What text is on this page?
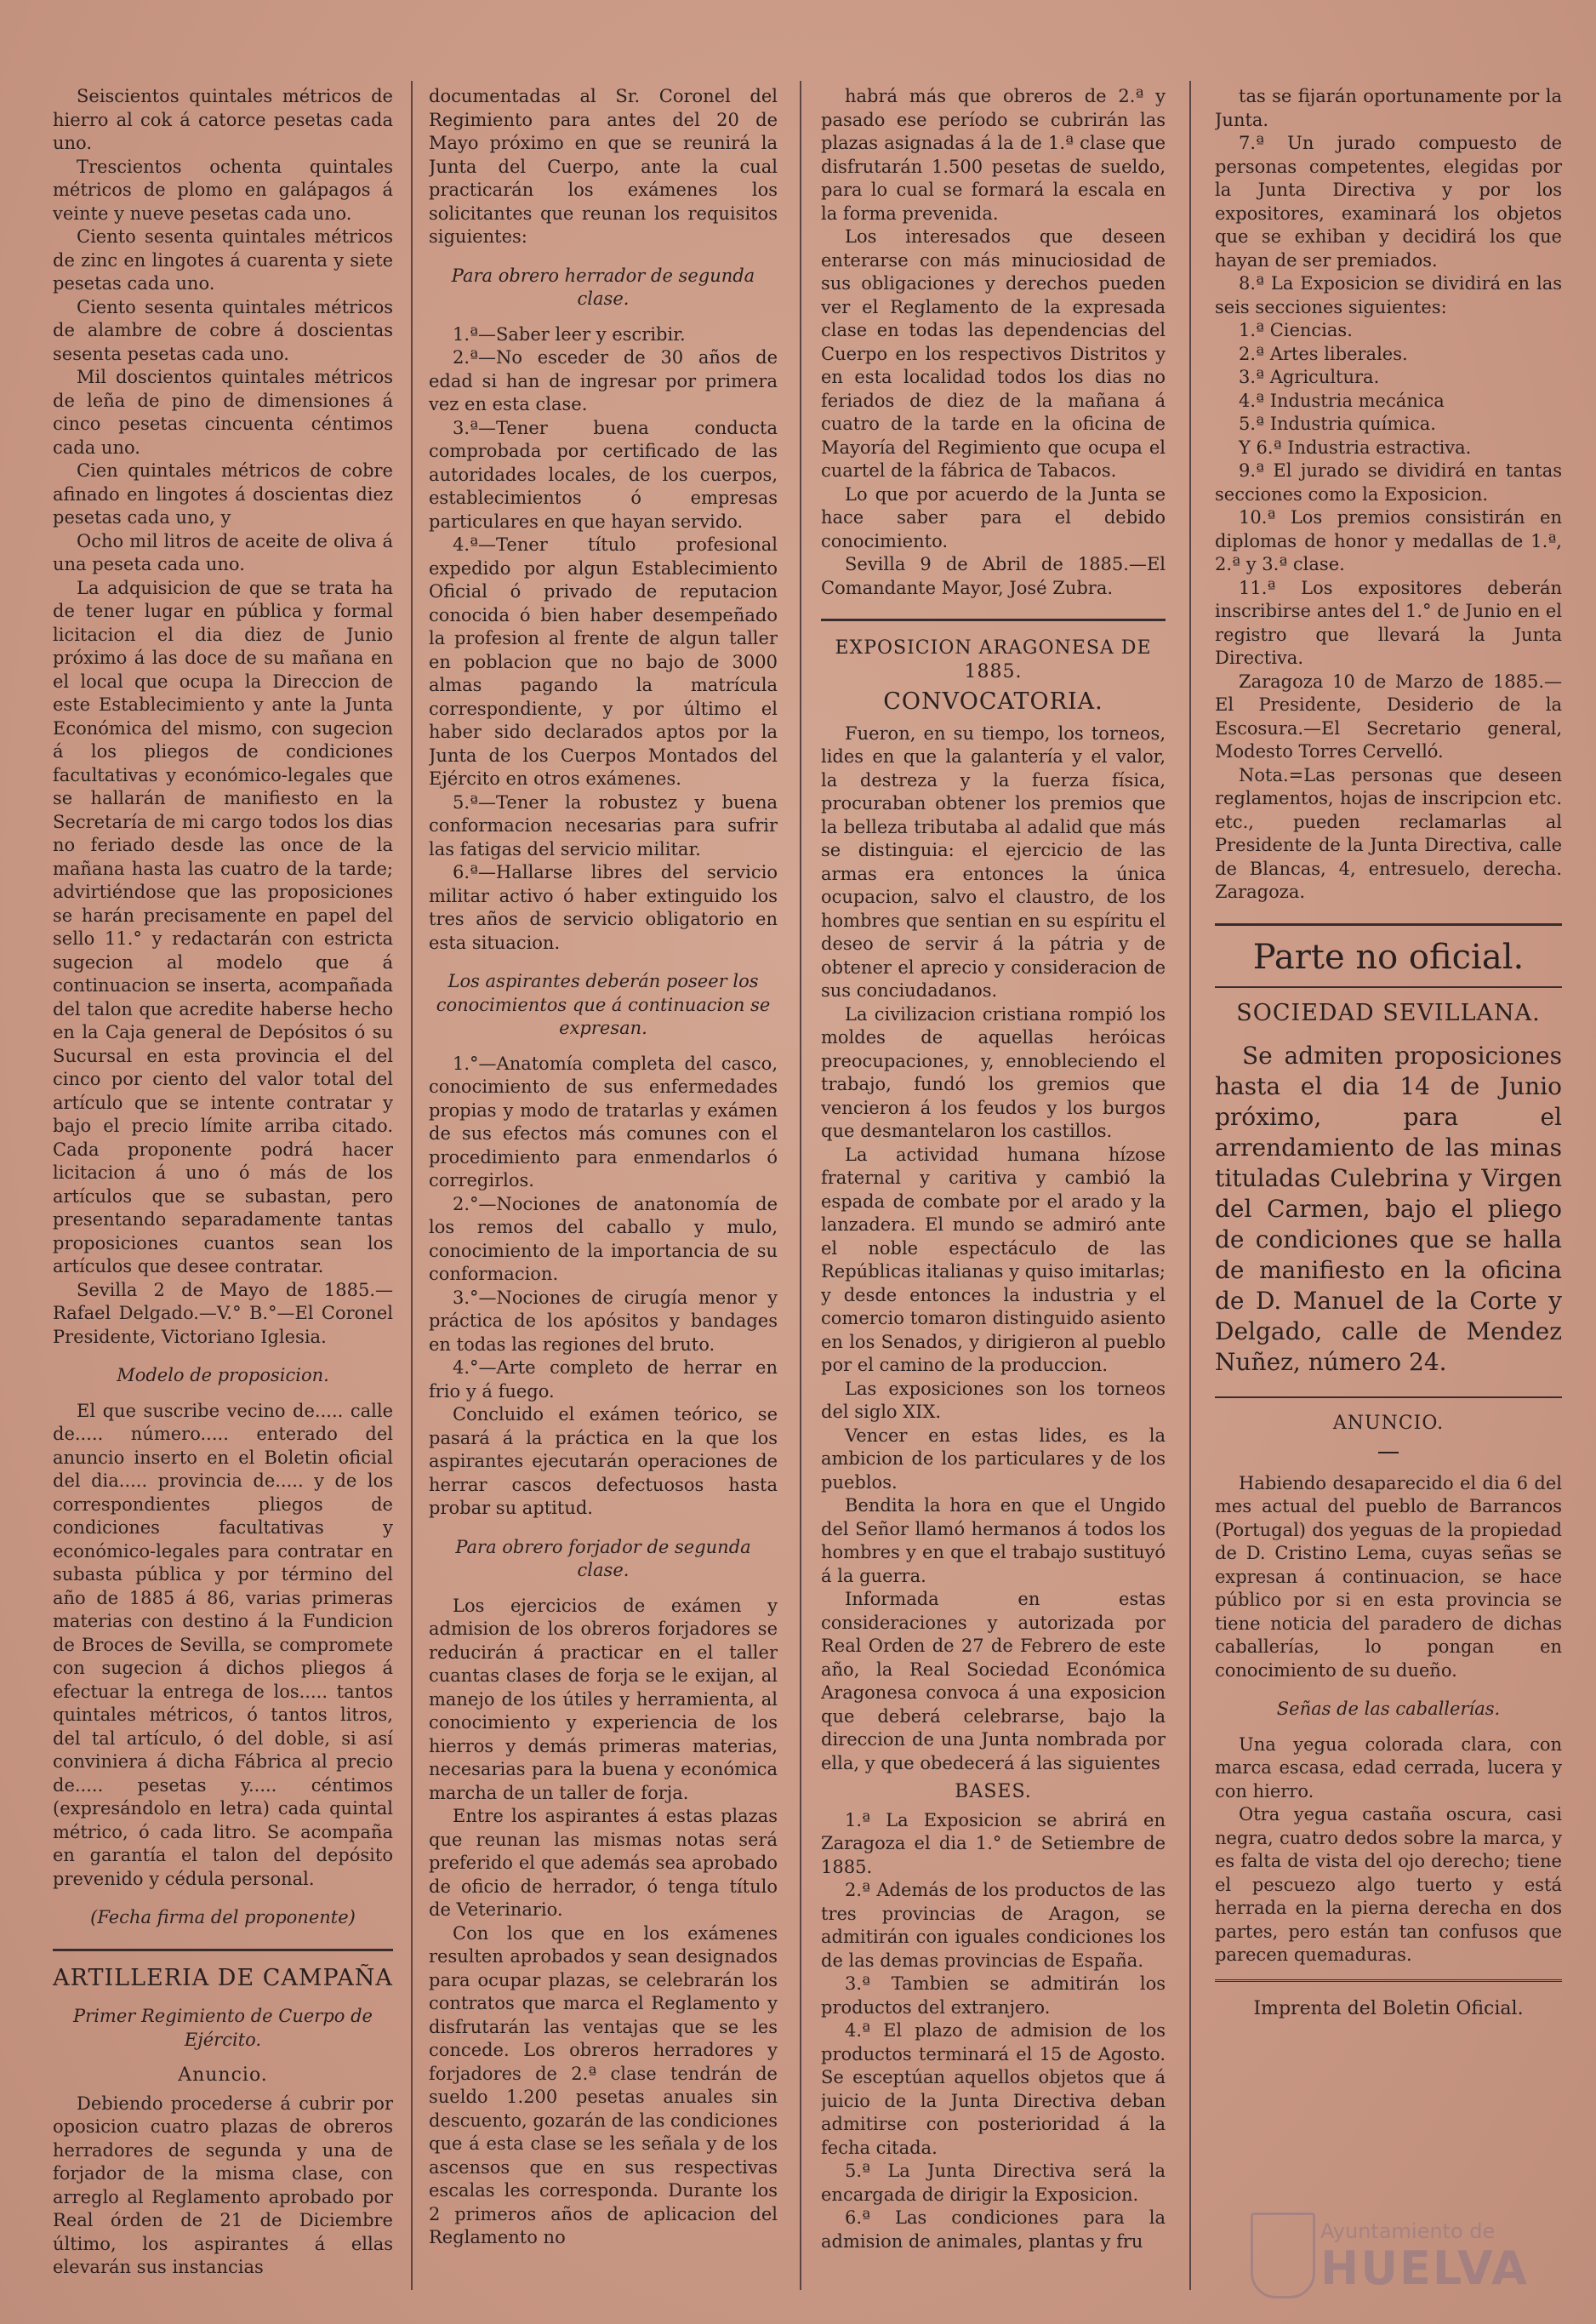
Seiscientos quintales métricos de hierro al cok á catorce pesetas cada uno.

Trescientos ochenta quintales métricos de plomo en galápagos á veinte y nueve pesetas cada uno.

Ciento sesenta quintales métricos de zinc en lingotes á cuarenta y siete pesetas cada uno.

Ciento sesenta quintales métricos de alambre de cobre á doscientas sesenta pesetas cada uno.

Mil doscientos quintales métricos de leña de pino de dimensiones á cinco pesetas cincuenta céntimos cada uno.

Cien quintales métricos de cobre afinado en lingotes á doscientas diez pesetas cada uno, y

Ocho mil litros de aceite de oliva á una peseta cada uno.

La adquisicion de que se trata ha de tener lugar en pública y formal licitacion el dia diez de Junio próximo á las doce de su mañana en el local que ocupa la Direccion de este Establecimiento y ante la Junta Económica del mismo, con sugecion á los pliegos de condiciones facultativas y económico-legales que se hallarán de manifiesto en la Secretaría de mi cargo todos los dias no feriado desde las once de la mañana hasta las cuatro de la tarde; advirtiéndose que las proposiciones se harán precisamente en papel del sello 11.° y redactarán con estricta sugecion al modelo que á continuacion se inserta, acompañada del talon que acredite haberse hecho en la Caja general de Depósitos ó su Sucursal en esta provincia el del cinco por ciento del valor total del artículo que se intente contratar y bajo el precio límite arriba citado. Cada proponente podrá hacer licitacion á uno ó más de los artículos que se subastan, pero presentando separadamente tantas proposiciones cuantos sean los artículos que desee contratar.

Sevilla 2 de Mayo de 1885.—Rafael Delgado.—V.° B.°—El Coronel Presidente, Victoriano Iglesia.

Modelo de proposicion.

El que suscribe vecino de..... calle de..... número..... enterado del anuncio inserto en el Boletin oficial del dia..... provincia de..... y de los correspondientes pliegos de condiciones facultativas y económico-legales para contratar en subasta pública y por término del año de 1885 á 86, varias primeras materias con destino á la Fundicion de Broces de Sevilla, se compromete con sugecion á dichos pliegos á efectuar la entrega de los..... tantos quintales métricos, ó tantos litros, del tal artículo, ó del doble, si así conviniera á dicha Fábrica al precio de..... pesetas y..... céntimos (expresándolo en letra) cada quintal métrico, ó cada litro. Se acompaña en garantía el talon del depósito prevenido y cédula personal.

(Fecha firma del proponente)

ARTILLERIA DE CAMPAÑA

Primer Regimiento de Cuerpo de Ejército.

Anuncio.

Debiendo procederse á cubrir por oposicion cuatro plazas de obreros herradores de segunda y una de forjador de la misma clase, con arreglo al Reglamento aprobado por Real órden de 21 de Diciembre último, los aspirantes á ellas elevarán sus instancias

documentadas al Sr. Coronel del Regimiento para antes del 20 de Mayo próximo en que se reunirá la Junta del Cuerpo, ante la cual practicarán los exámenes los solicitantes que reunan los requisitos siguientes:

Para obrero herrador de segunda clase.

1.ª—Saber leer y escribir.

2.ª—No esceder de 30 años de edad si han de ingresar por primera vez en esta clase.

3.ª—Tener buena conducta comprobada por certificado de las autoridades locales, de los cuerpos, establecimientos ó empresas particulares en que hayan servido.

4.ª—Tener título profesional expedido por algun Establecimiento Oficial ó privado de reputacion conocida ó bien haber desempeñado la profesion al frente de algun taller en poblacion que no bajo de 3000 almas pagando la matrícula correspondiente, y por último el haber sido declarados aptos por la Junta de los Cuerpos Montados del Ejército en otros exámenes.

5.ª—Tener la robustez y buena conformacion necesarias para sufrir las fatigas del servicio militar.

6.ª—Hallarse libres del servicio militar activo ó haber extinguido los tres años de servicio obligatorio en esta situacion.

Los aspirantes deberán poseer los conocimientos que á continuacion se expresan.

1.°—Anatomía completa del casco, conocimiento de sus enfermedades propias y modo de tratarlas y exámen de sus efectos más comunes con el procedimiento para enmendarlos ó corregirlos.

2.°—Nociones de anatonomía de los remos del caballo y mulo, conocimiento de la importancia de su conformacion.

3.°—Nociones de cirugía menor y práctica de los apósitos y bandages en todas las regiones del bruto.

4.°—Arte completo de herrar en frio y á fuego.

Concluido el exámen teórico, se pasará á la práctica en la que los aspirantes ejecutarán operaciones de herrar cascos defectuosos hasta probar su aptitud.

Para obrero forjador de segunda clase.

Los ejercicios de exámen y admision de los obreros forjadores se reducirán á practicar en el taller cuantas clases de forja se le exijan, al manejo de los útiles y herramienta, al conocimiento y experiencia de los hierros y demás primeras materias, necesarias para la buena y económica marcha de un taller de forja.

Entre los aspirantes á estas plazas que reunan las mismas notas será preferido el que además sea aprobado de oficio de herrador, ó tenga título de Veterinario.

Con los que en los exámenes resulten aprobados y sean designados para ocupar plazas, se celebrarán los contratos que marca el Reglamento y disfrutarán las ventajas que se les concede. Los obreros herradores y forjadores de 2.ª clase tendrán de sueldo 1.200 pesetas anuales sin descuento, gozarán de las condiciones que á esta clase se les señala y de los ascensos que en sus respectivas escalas les corresponda. Durante los 2 primeros años de aplicacion del Reglamento no

habrá más que obreros de 2.ª y pasado ese período se cubrirán las plazas asignadas á la de 1.ª clase que disfrutarán 1.500 pesetas de sueldo, para lo cual se formará la escala en la forma prevenida.

Los interesados que deseen enterarse con más minuciosidad de sus obligaciones y derechos pueden ver el Reglamento de la expresada clase en todas las dependencias del Cuerpo en los respectivos Distritos y en esta localidad todos los dias no feriados de diez de la mañana á cuatro de la tarde en la oficina de Mayoría del Regimiento que ocupa el cuartel de la fábrica de Tabacos.

Lo que por acuerdo de la Junta se hace saber para el debido conocimiento.

Sevilla 9 de Abril de 1885.—El Comandante Mayor, José Zubra.

EXPOSICION ARAGONESA DE 1885.

CONVOCATORIA.

Fueron, en su tiempo, los torneos, lides en que la galantería y el valor, la destreza y la fuerza física, procuraban obtener los premios que la belleza tributaba al adalid que más se distinguia: el ejercicio de las armas era entonces la única ocupacion, salvo el claustro, de los hombres que sentian en su espíritu el deseo de servir á la pátria y de obtener el aprecio y consideracion de sus conciudadanos.

La civilizacion cristiana rompió los moldes de aquellas heróicas preocupaciones, y, ennobleciendo el trabajo, fundó los gremios que vencieron á los feudos y los burgos que desmantelaron los castillos.

La actividad humana hízose fraternal y caritiva y cambió la espada de combate por el arado y la lanzadera. El mundo se admiró ante el noble espectáculo de las Repúblicas italianas y quiso imitarlas; y desde entonces la industria y el comercio tomaron distinguido asiento en los Senados, y dirigieron al pueblo por el camino de la produccion.

Las exposiciones son los torneos del siglo XIX.

Vencer en estas lides, es la ambicion de los particulares y de los pueblos.

Bendita la hora en que el Ungido del Señor llamó hermanos á todos los hombres y en que el trabajo sustituyó á la guerra.

Informada en estas consideraciones y autorizada por Real Orden de 27 de Febrero de este año, la Real Sociedad Económica Aragonesa convoca á una exposicion que deberá celebrarse, bajo la direccion de una Junta nombrada por ella, y que obedecerá á las siguientes

BASES.

1.ª La Exposicion se abrirá en Zaragoza el dia 1.° de Setiembre de 1885.

2.ª Además de los productos de las tres provincias de Aragon, se admitirán con iguales condiciones los de las demas provincias de España.

3.ª Tambien se admitirán los productos del extranjero.

4.ª El plazo de admision de los productos terminará el 15 de Agosto. Se esceptúan aquellos objetos que á juicio de la Junta Directiva deban admitirse con posterioridad á la fecha citada.

5.ª La Junta Directiva será la encargada de dirigir la Exposicion.

6.ª Las condiciones para la admision de animales, plantas y fru

tas se fijarán oportunamente por la Junta.

7.ª Un jurado compuesto de personas competentes, elegidas por la Junta Directiva y por los expositores, examinará los objetos que se exhiban y decidirá los que hayan de ser premiados.

8.ª La Exposicion se dividirá en las seis secciones siguientes:

1.ª Ciencias.

2.ª Artes liberales.

3.ª Agricultura.

4.ª Industria mecánica

5.ª Industria química.

Y 6.ª Industria estractiva.

9.ª El jurado se dividirá en tantas secciones como la Exposicion.

10.ª Los premios consistirán en diplomas de honor y medallas de 1.ª, 2.ª y 3.ª clase.

11.ª Los expositores deberán inscribirse antes del 1.° de Junio en el registro que llevará la Junta Directiva.

Zaragoza 10 de Marzo de 1885.—El Presidente, Desiderio de la Escosura.—El Secretario general, Modesto Torres Cervelló.

Nota.=Las personas que deseen reglamentos, hojas de inscripcion etc. etc., pueden reclamarlas al Presidente de la Junta Directiva, calle de Blancas, 4, entresuelo, derecha. Zaragoza.

Parte no oficial.

SOCIEDAD SEVILLANA.

Se admiten proposiciones hasta el dia 14 de Junio próximo, para el arrendamiento de las minas tituladas Culebrina y Virgen del Carmen, bajo el pliego de condiciones que se halla de manifiesto en la oficina de D. Manuel de la Corte y Delgado, calle de Mendez Nuñez, número 24.

ANUNCIO.

Habiendo desaparecido el dia 6 del mes actual del pueblo de Barrancos (Portugal) dos yeguas de la propiedad de D. Cristino Lema, cuyas señas se expresan á continuacion, se hace público por si en esta provincia se tiene noticia del paradero de dichas caballerías, lo pongan en conocimiento de su dueño.

Señas de las caballerías.

Una yegua colorada clara, con marca escasa, edad cerrada, lucera y con hierro.

Otra yegua castaña oscura, casi negra, cuatro dedos sobre la marca, y es falta de vista del ojo derecho; tiene el pescuezo algo tuerto y está herrada en la pierna derecha en dos partes, pero están tan confusos que parecen quemaduras.

Imprenta del Boletin Oficial.

Ayuntamiento de
HUELVA
